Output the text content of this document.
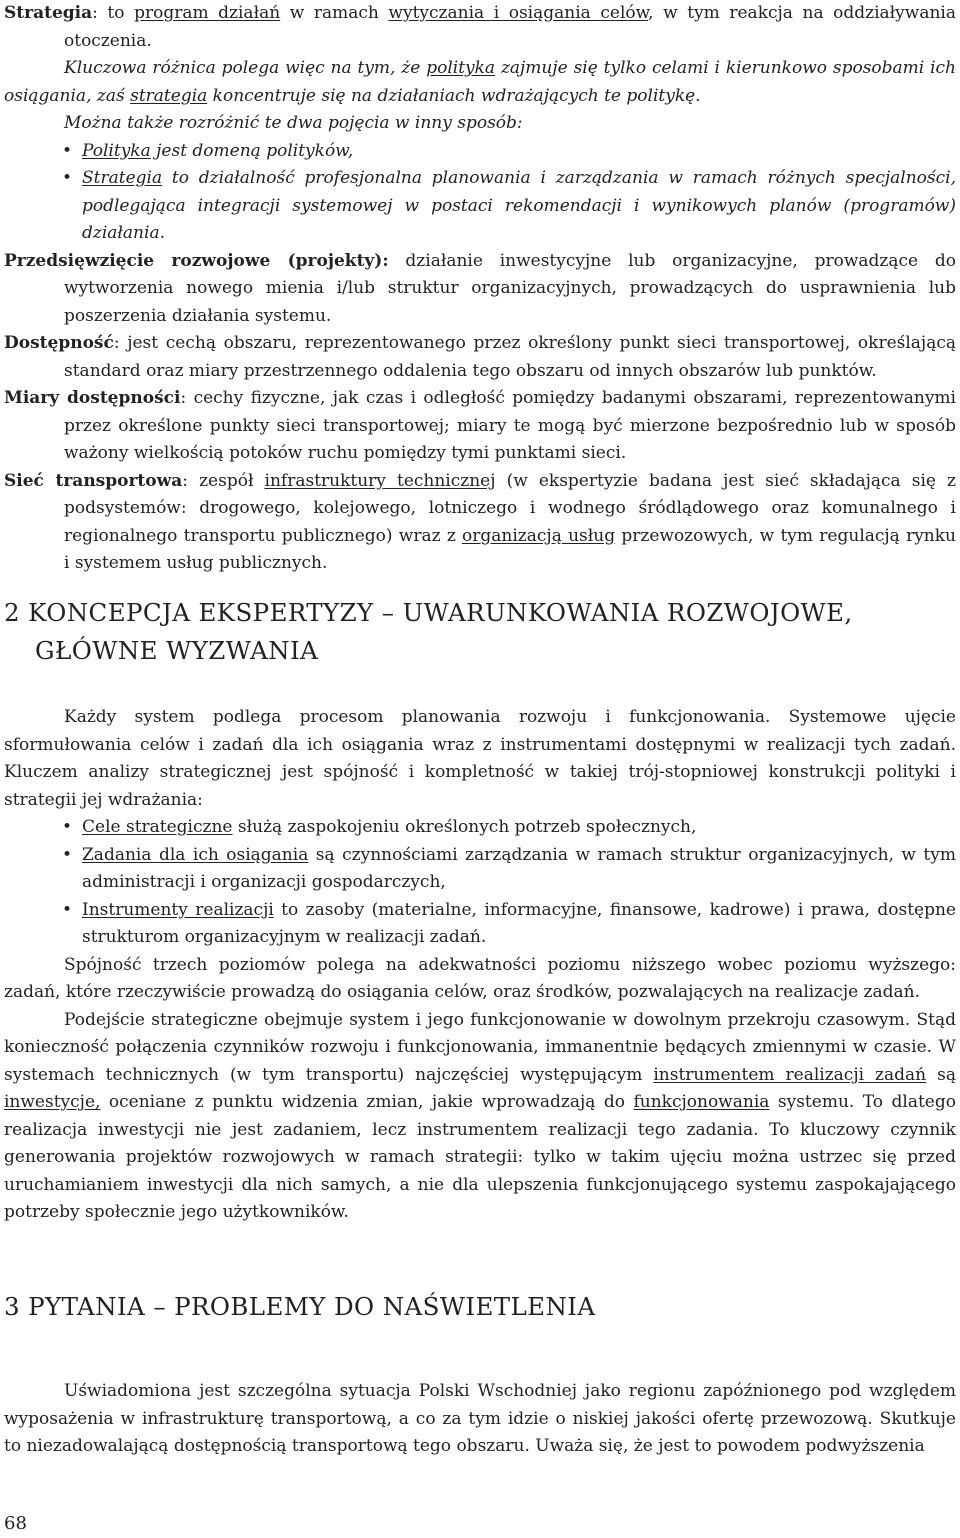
Strategia: to program działań w ramach wytyczania i osiągania celów, w tym reakcja na oddziaływania otoczenia.

Kluczowa różnica polega więc na tym, że polityka zajmuje się tylko celami i kierunkowo sposobami ich osiągania, zaś strategia koncentruje się na działaniach wdrażających te politykę.

Można także rozróżnić te dwa pojęcia w inny sposób:

• Polityka jest domeną polityków,
• Strategia to działalność profesjonalna planowania i zarządzania w ramach różnych specjalności, podlegająca integracji systemowej w postaci rekomendacji i wynikowych planów (programów) działania.

Przedsięwzięcie rozwojowe (projekty): działanie inwestycyjne lub organizacyjne, prowadzące do wytworzenia nowego mienia i/lub struktur organizacyjnych, prowadzących do usprawnienia lub poszerzenia działania systemu.

Dostępność: jest cechą obszaru, reprezentowanego przez określony punkt sieci transportowej, określającą standard oraz miary przestrzennego oddalenia tego obszaru od innych obszarów lub punktów.

Miary dostępności: cechy fizyczne, jak czas i odległość pomiędzy badanymi obszarami, reprezentowanymi przez określone punkty sieci transportowej; miary te mogą być mierzone bezpośrednio lub w sposób ważony wielkością potoków ruchu pomiędzy tymi punktami sieci.

Sieć transportowa: zespół infrastruktury technicznej (w ekspertyzie badana jest sieć składająca się z podsystemów: drogowego, kolejowego, lotniczego i wodnego śródlądowego oraz komunalnego i regionalnego transportu publicznego) wraz z organizacją usług przewozowych, w tym regulacją rynku i systemem usług publicznych.

2 KONCEPCJA EKSPERTYZY – UWARUNKOWANIA ROZWOJOWE,
GŁÓWNE WYZWANIA

Każdy system podlega procesom planowania rozwoju i funkcjonowania. Systemowe ujęcie sformułowania celów i zadań dla ich osiągania wraz z instrumentami dostępnymi w realizacji tych zadań. Kluczem analizy strategicznej jest spójność i kompletność w takiej trój-stopniowej konstrukcji polityki i strategii jej wdrażania:

• Cele strategiczne służą zaspokojeniu określonych potrzeb społecznych,
• Zadania dla ich osiągania są czynnościami zarządzania w ramach struktur organizacyjnych, w tym administracji i organizacji gospodarczych,
• Instrumenty realizacji to zasoby (materialne, informacyjne, finansowe, kadrowe) i prawa, dostępne strukturom organizacyjnym w realizacji zadań.

Spójność trzech poziomów polega na adekwatności poziomu niższego wobec poziomu wyższego: zadań, które rzeczywiście prowadzą do osiągania celów, oraz środków, pozwalających na realizacje zadań.

Podejście strategiczne obejmuje system i jego funkcjonowanie w dowolnym przekroju czasowym. Stąd konieczność połączenia czynników rozwoju i funkcjonowania, immanentnie będących zmiennymi w czasie. W systemach technicznych (w tym transportu) najczęściej występującym instrumentem realizacji zadań są inwestycje, oceniane z punktu widzenia zmian, jakie wprowadzają do funkcjonowania systemu. To dlatego realizacja inwestycji nie jest zadaniem, lecz instrumentem realizacji tego zadania. To kluczowy czynnik generowania projektów rozwojowych w ramach strategii: tylko w takim ujęciu można ustrzec się przed uruchamianiem inwestycji dla nich samych, a nie dla ulepszenia funkcjonującego systemu zaspokajającego potrzeby społecznie jego użytkowników.

3 PYTANIA – PROBLEMY DO NAŚWIETLENIA

Uświadomiona jest szczególna sytuacja Polski Wschodniej jako regionu zapóźnionego pod względem wyposażenia w infrastrukturę transportową, a co za tym idzie o niskiej jakości ofertę przewozową. Skutkuje to niezadowalającą dostępnością transportową tego obszaru. Uważa się, że jest to powodem podwyższenia

68
